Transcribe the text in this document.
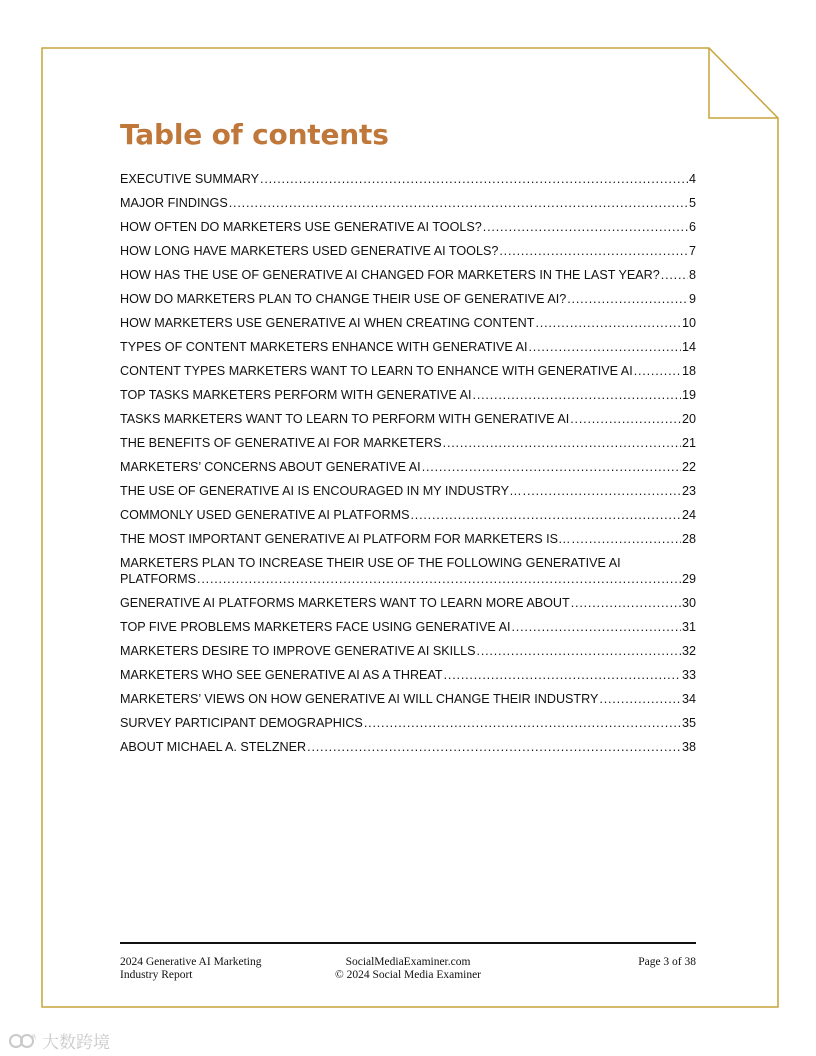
Table of contents
EXECUTIVE SUMMARY .....	4
MAJOR FINDINGS .....	5
HOW OFTEN DO MARKETERS USE GENERATIVE AI TOOLS? .....	6
HOW LONG HAVE MARKETERS USED GENERATIVE AI TOOLS? .....	7
HOW HAS THE USE OF GENERATIVE AI CHANGED FOR MARKETERS IN THE LAST YEAR? ..... 8
HOW DO MARKETERS PLAN TO CHANGE THEIR USE OF GENERATIVE AI? .....	9
HOW MARKETERS USE GENERATIVE AI WHEN CREATING CONTENT .....	10
TYPES OF CONTENT MARKETERS ENHANCE WITH GENERATIVE AI .....	14
CONTENT TYPES MARKETERS WANT TO LEARN TO ENHANCE WITH GENERATIVE AI .....	18
TOP TASKS MARKETERS PERFORM WITH GENERATIVE AI .....	19
TASKS MARKETERS WANT TO LEARN TO PERFORM WITH GENERATIVE AI .....	20
THE BENEFITS OF GENERATIVE AI FOR MARKETERS .....	21
MARKETERS’ CONCERNS ABOUT GENERATIVE AI .....	22
THE USE OF GENERATIVE AI IS ENCOURAGED IN MY INDUSTRY… .....	23
COMMONLY USED GENERATIVE AI PLATFORMS .....	24
THE MOST IMPORTANT GENERATIVE AI PLATFORM FOR MARKETERS IS… .....	28
MARKETERS PLAN TO INCREASE THEIR USE OF THE FOLLOWING GENERATIVE AI
PLATFORMS .....	29
GENERATIVE AI PLATFORMS MARKETERS WANT TO LEARN MORE ABOUT .....	30
TOP FIVE PROBLEMS MARKETERS FACE USING GENERATIVE AI .....	31
MARKETERS DESIRE TO IMPROVE GENERATIVE AI SKILLS .....	32
MARKETERS WHO SEE GENERATIVE AI AS A THREAT .....	33
MARKETERS’ VIEWS ON HOW GENERATIVE AI WILL CHANGE THEIR INDUSTRY .....	34
SURVEY PARTICIPANT DEMOGRAPHICS .....	35
ABOUT MICHAEL A. STELZNER .....	38
2024 Generative AI Marketing
Industry Report
SocialMediaExaminer.com
© 2024 Social Media Examiner
Page 3 of 38
R 大数跨境
